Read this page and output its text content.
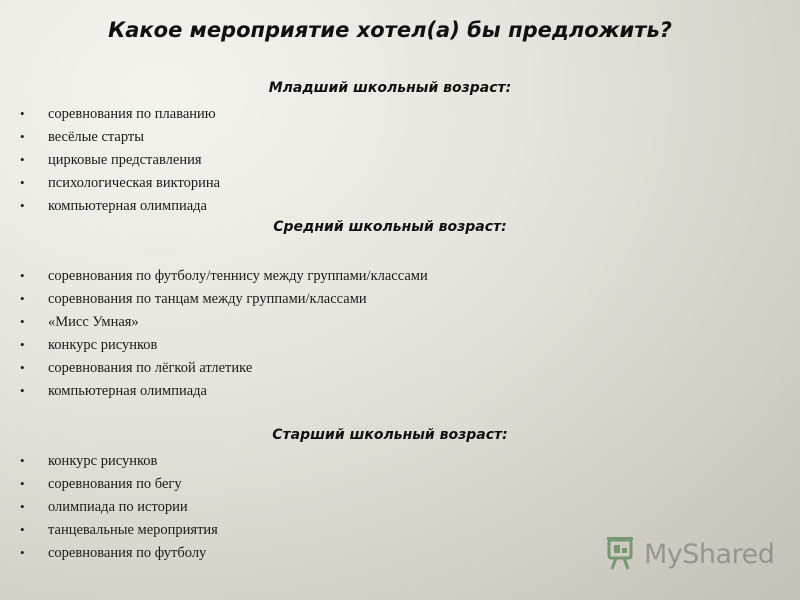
Какое мероприятие хотел(а) бы предложить?
Младший школьный возраст:
• соревнования по плаванию
• весёлые старты
• цирковые представления
• психологическая викторина
• компьютерная олимпиада
Средний школьный возраст:
• соревнования по футболу/теннису между группами/классами
• соревнования по танцам между группами/классами
• «Мисс Умная»
• конкурс рисунков
• соревнования по лёгкой атлетике
• компьютерная олимпиада
Старший школьный возраст:
• конкурс рисунков
• соревнования по бегу
• олимпиада по истории
• танцевальные мероприятия
• соревнования по футболу	MyShared
